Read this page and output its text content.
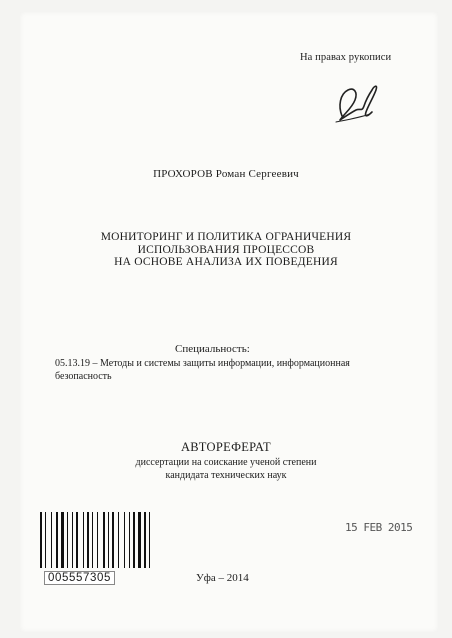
На правах рукописи
ПРОХОРОВ Роман Сергеевич
МОНИТОРИНГ И ПОЛИТИКА ОГРАНИЧЕНИЯ
ИСПОЛЬЗОВАНИЯ ПРОЦЕССОВ
НА ОСНОВЕ АНАЛИЗА ИХ ПОВЕДЕНИЯ
Специальность:
05.13.19 – Методы и системы защиты информации, информационная безопасность
АВТОРЕФЕРАТ
диссертации на соискание ученой степени
кандидата технических наук
15 FEB 2015
005557305	Уфа – 2014
